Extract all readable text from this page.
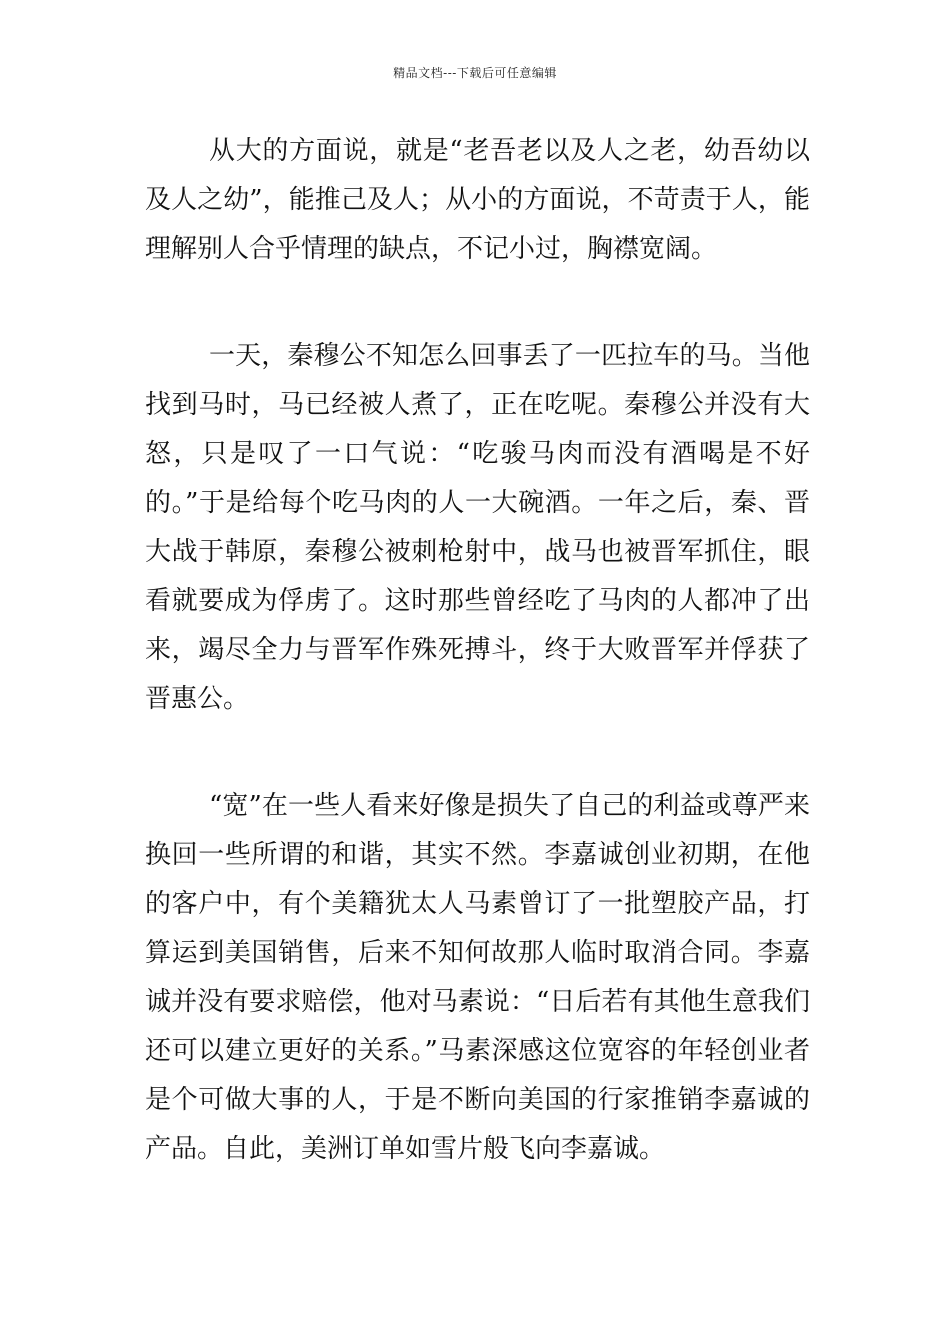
精品文档---下载后可任意编辑

从大的方面说，就是“老吾老以及人之老，幼吾幼以及人之幼”，能推己及人；从小的方面说，不苛责于人，能理解别人合乎情理的缺点，不记小过，胸襟宽阔。

一天，秦穆公不知怎么回事丢了一匹拉车的马。当他找到马时，马已经被人煮了，正在吃呢。秦穆公并没有大怒，只是叹了一口气说：“吃骏马肉而没有酒喝是不好的。”于是给每个吃马肉的人一大碗酒。一年之后，秦、晋大战于韩原，秦穆公被刺枪射中，战马也被晋军抓住，眼看就要成为俘虏了。这时那些曾经吃了马肉的人都冲了出来，竭尽全力与晋军作殊死搏斗，终于大败晋军并俘获了晋惠公。

“宽”在一些人看来好像是损失了自己的利益或尊严来换回一些所谓的和谐，其实不然。李嘉诚创业初期，在他的客户中，有个美籍犹太人马素曾订了一批塑胶产品，打算运到美国销售，后来不知何故那人临时取消合同。李嘉诚并没有要求赔偿，他对马素说：“日后若有其他生意我们还可以建立更好的关系。”马素深感这位宽容的年轻创业者是个可做大事的人，于是不断向美国的行家推销李嘉诚的产品。自此，美洲订单如雪片般飞向李嘉诚。
